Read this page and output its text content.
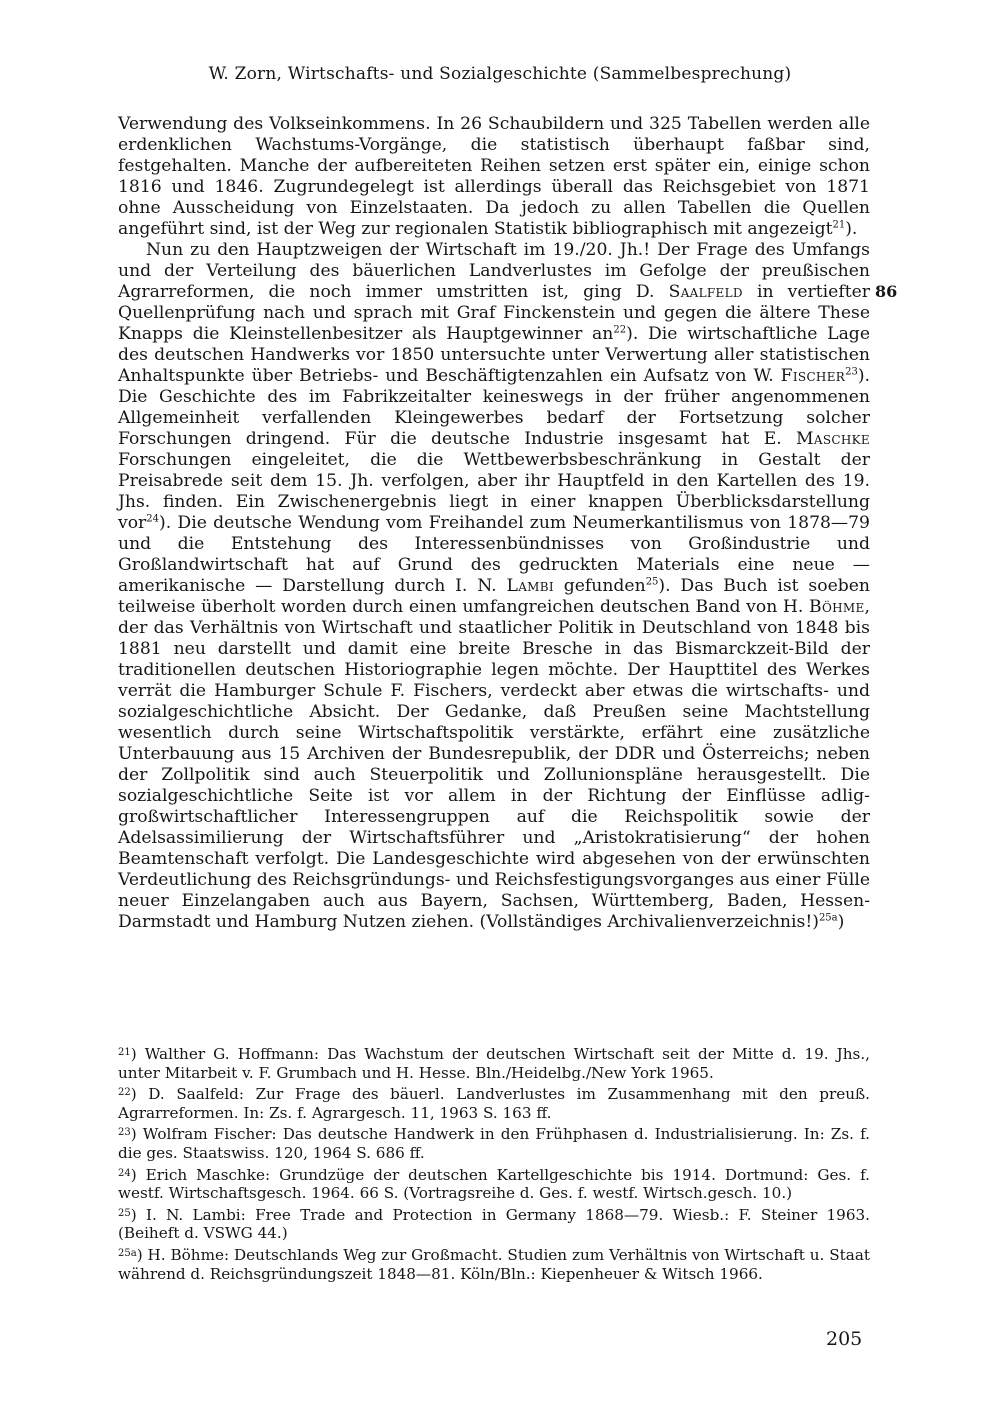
W. Zorn, Wirtschafts- und Sozialgeschichte (Sammelbesprechung)

Verwendung des Volkseinkommens. In 26 Schaubildern und 325 Tabellen werden alle erdenklichen Wachstums-Vorgänge, die statistisch überhaupt faßbar sind, festgehalten. Manche der aufbereiteten Reihen setzen erst später ein, einige schon 1816 und 1846. Zugrundegelegt ist allerdings überall das Reichsgebiet von 1871 ohne Ausscheidung von Einzelstaaten. Da jedoch zu allen Tabellen die Quellen angeführt sind, ist der Weg zur regionalen Statistik bibliographisch mit angezeigt$^{21}$).

Nun zu den Hauptzweigen der Wirtschaft im 19./20. Jh.! Der Frage des Umfangs und der Verteilung des bäuerlichen Landverlustes im Gefolge der preußischen Agrarreformen, die noch immer umstritten ist, ging D. Saalfeld in vertiefter Quellenprüfung nach und sprach mit Graf Finckenstein und gegen die ältere These Knapps die Kleinstellenbesitzer als Hauptgewinner $an^{22}$). Die wirtschaftliche Lage des deutschen Handwerks vor 1850 untersuchte unter Verwertung aller statistischen Anhaltspunkte über Betriebs- und Beschäftigtenzahlen ein Aufsatz von W. Fischer$^{23}$). Die Geschichte des im Fabrikzeitalter keineswegs in der früher angenommenen Allgemeinheit verfallenden Kleingewerbes bedarf der Fortsetzung solcher Forschungen dringend. Für die deutsche Industrie insgesamt hat E. Maschke Forschungen eingeleitet, die die Wettbewerbsbeschränkung in Gestalt der Preisabrede seit dem 15. Jh. verfolgen, aber ihr Hauptfeld in den Kartellen des 19. Jhs. finden. Ein Zwischenergebnis liegt in einer knappen Überblicksdarstellung vor$^{24}$). Die deutsche Wendung vom Freihandel zum Neumerkantilismus von 1878—79 und die Entstehung des Interessenbündnisses von Großindustrie und Großlandwirtschaft hat auf Grund des gedruckten Materials eine neue — amerikanische — Darstellung durch I. N. Lambi gefunden$^{25}$). Das Buch ist soeben teilweise überholt worden durch einen umfangreichen deutschen Band von H. Böhme, der das Verhältnis von Wirtschaft und staatlicher Politik in Deutschland von 1848 bis 1881 neu darstellt und damit eine breite Bresche in das Bismarckzeit-Bild der traditionellen deutschen Historiographie legen möchte. Der Haupttitel des Werkes verrät die Hamburger Schule F. Fischers, verdeckt aber etwas die wirtschafts- und sozialgeschichtliche Absicht. Der Gedanke, daß Preußen seine Machtstellung wesentlich durch seine Wirtschaftspolitik verstärkte, erfährt eine zusätzliche Unterbauung aus 15 Archiven der Bundesrepublik, der DDR und Österreichs; neben der Zollpolitik sind auch Steuerpolitik und Zollunionspläne herausgestellt. Die sozialgeschichtliche Seite ist vor allem in der Richtung der Einflüsse adlig-großwirtschaftlicher Interessengruppen auf die Reichspolitik sowie der Adelsassimilierung der Wirtschaftsführer und „Aristokratisierung“ der hohen Beamtenschaft verfolgt. Die Landesgeschichte wird abgesehen von der erwünschten Verdeutlichung des Reichsgründungs- und Reichsfestigungsvorganges aus einer Fülle neuer Einzelangaben auch aus Bayern, Sachsen, Württemberg, Baden, Hessen-Darmstadt und Hamburg Nutzen ziehen. (Vollständiges Archivalienverzeichnis!)$^{25a}$)

86

$^{21}$) Walther G. Hoffmann: Das Wachstum der deutschen Wirtschaft seit der Mitte d. 19. Jhs., unter Mitarbeit v. F. Grumbach und H. Hesse. Bln./Heidelbg./New York 1965.

$^{22}$) D. Saalfeld: Zur Frage des bäuerl. Landverlustes im Zusammenhang mit den preuß. Agrarreformen. In: Zs. f. Agrargesch. 11, 1963 S. 163 ff.

$^{23}$) Wolfram Fischer: Das deutsche Handwerk in den Frühphasen d. Industrialisierung. In: Zs. f. die ges. Staatswiss. 120, 1964 S. 686 ff.

$^{24}$) Erich Maschke: Grundzüge der deutschen Kartellgeschichte bis 1914. Dortmund: Ges. f. westf. Wirtschaftsgesch. 1964. 66 S. (Vortragsreihe d. Ges. f. westf. Wirtsch.gesch. 10.)

$^{25}$) I. N. Lambi: Free Trade and Protection in Germany 1868—79. Wiesb.: F. Steiner 1963. (Beiheft d. VSWG 44.)

$^{25a}$) H. Böhme: Deutschlands Weg zur Großmacht. Studien zum Verhältnis von Wirtschaft u. Staat während d. Reichsgründungszeit 1848—81. Köln/Bln.: Kiepenheuer & Witsch 1966.

205
